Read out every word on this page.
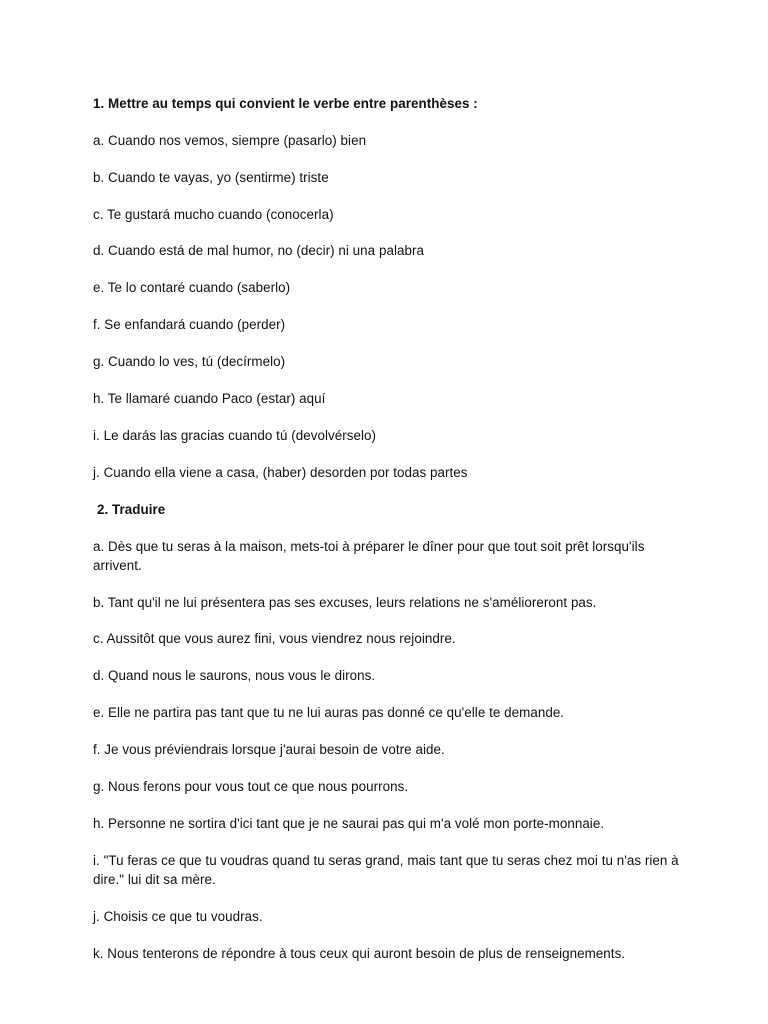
1. Mettre au temps qui convient le verbe entre parenthèses :
a. Cuando nos vemos, siempre (pasarlo) bien
b. Cuando te vayas, yo (sentirme) triste
c. Te gustará mucho cuando (conocerla)
d. Cuando está de mal humor, no (decir) ni una palabra
e. Te lo contaré cuando (saberlo)
f. Se enfandará cuando (perder)
g. Cuando lo ves, tú (decírmelo)
h. Te llamaré cuando Paco (estar) aquí
i. Le darás las gracias cuando tú (devolvérselo)
j. Cuando ella viene a casa, (haber) desorden por todas partes
2. Traduire
a. Dès que tu seras à la maison, mets-toi à préparer le dîner pour que tout soit prêt lorsqu'ils arrivent.
b. Tant qu'il ne lui présentera pas ses excuses, leurs relations ne s'amélioreront pas.
c. Aussitôt que vous aurez fini, vous viendrez nous rejoindre.
d. Quand nous le saurons, nous vous le dirons.
e. Elle ne partira pas tant que tu ne lui auras pas donné ce qu'elle te demande.
f. Je vous préviendrais lorsque j'aurai besoin de votre aide.
g. Nous ferons pour vous tout ce que nous pourrons.
h. Personne ne sortira d'ici tant que je ne saurai pas qui m'a volé mon porte-monnaie.
i. "Tu feras ce que tu voudras quand tu seras grand, mais tant que tu seras chez moi tu n'as rien à dire." lui dit sa mère.
j. Choisis ce que tu voudras.
k. Nous tenterons de répondre à tous ceux qui auront besoin de plus de renseignements.
